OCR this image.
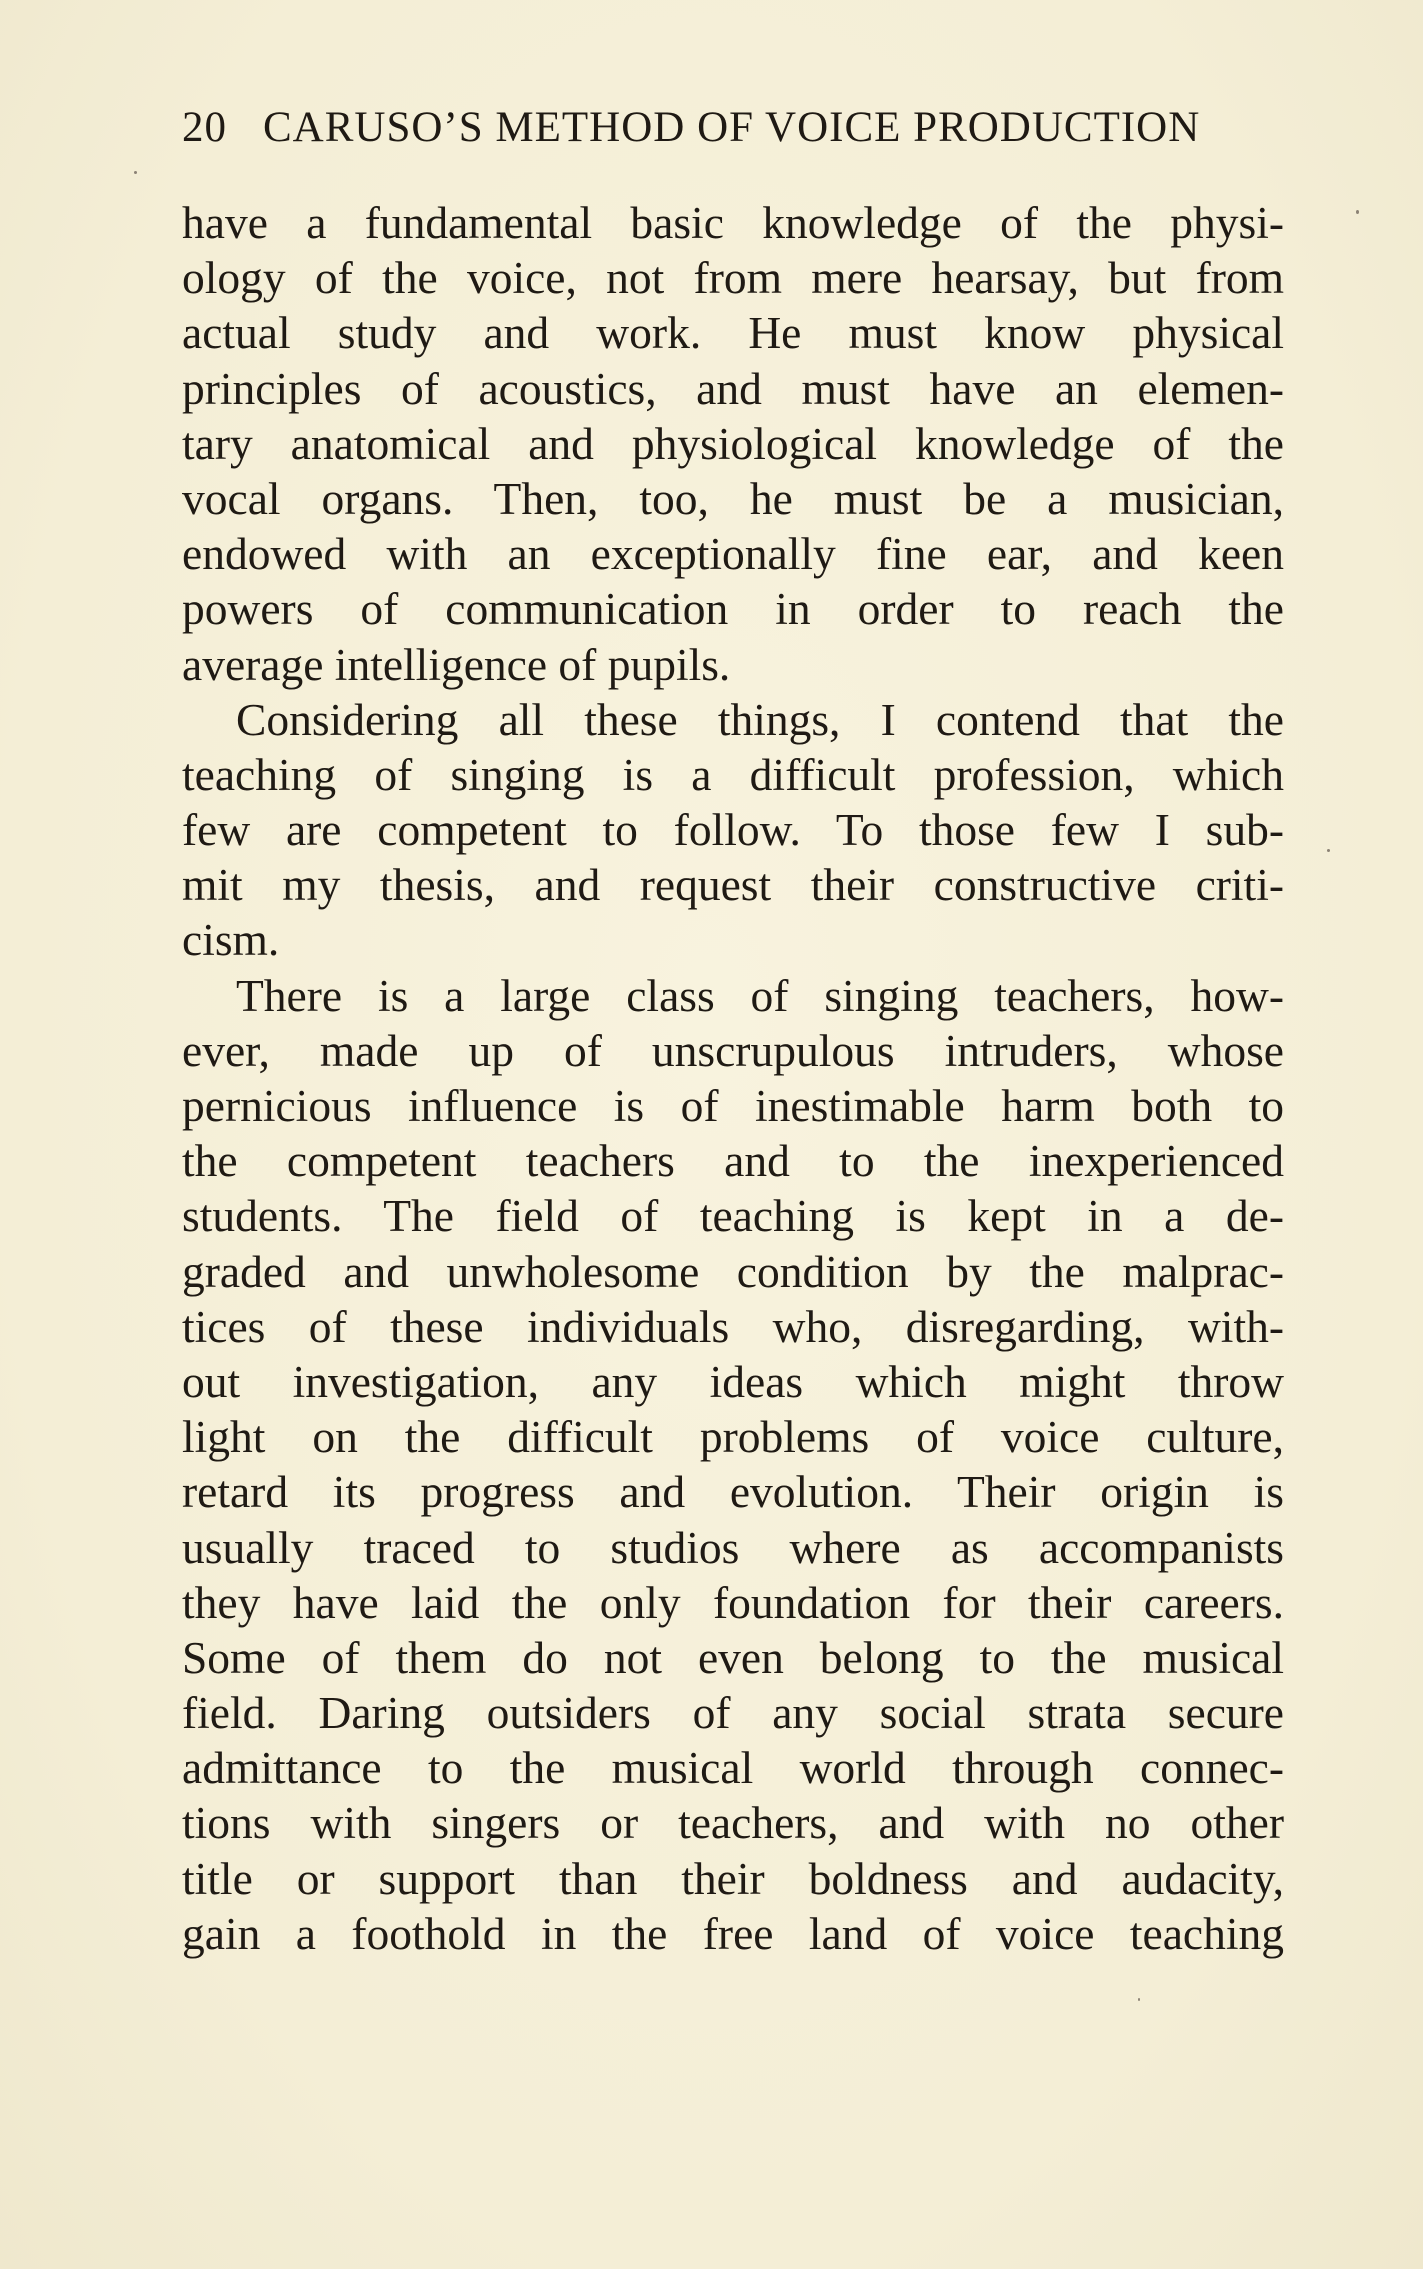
20 CARUSO’S METHOD OF VOICE PRODUCTION
have a fundamental basic knowledge of the physi-
ology of the voice, not from mere hearsay, but from
actual study and work. He must know physical
principles of acoustics, and must have an elemen-
tary anatomical and physiological knowledge of the
vocal organs. Then, too, he must be a musician,
endowed with an exceptionally fine ear, and keen
powers of communication in order to reach the
average intelligence of pupils.
Considering all these things, I contend that the
teaching of singing is a difficult profession, which
few are competent to follow. To those few I sub-
mit my thesis, and request their constructive criti-
cism.
There is a large class of singing teachers, how-
ever, made up of unscrupulous intruders, whose
pernicious influence is of inestimable harm both to
the competent teachers and to the inexperienced
students. The field of teaching is kept in a de-
graded and unwholesome condition by the malprac-
tices of these individuals who, disregarding, with-
out investigation, any ideas which might throw
light on the difficult problems of voice culture,
retard its progress and evolution. Their origin is
usually traced to studios where as accompanists
they have laid the only foundation for their careers.
Some of them do not even belong to the musical
field. Daring outsiders of any social strata secure
admittance to the musical world through connec-
tions with singers or teachers, and with no other
title or support than their boldness and audacity,
gain a foothold in the free land of voice teaching
